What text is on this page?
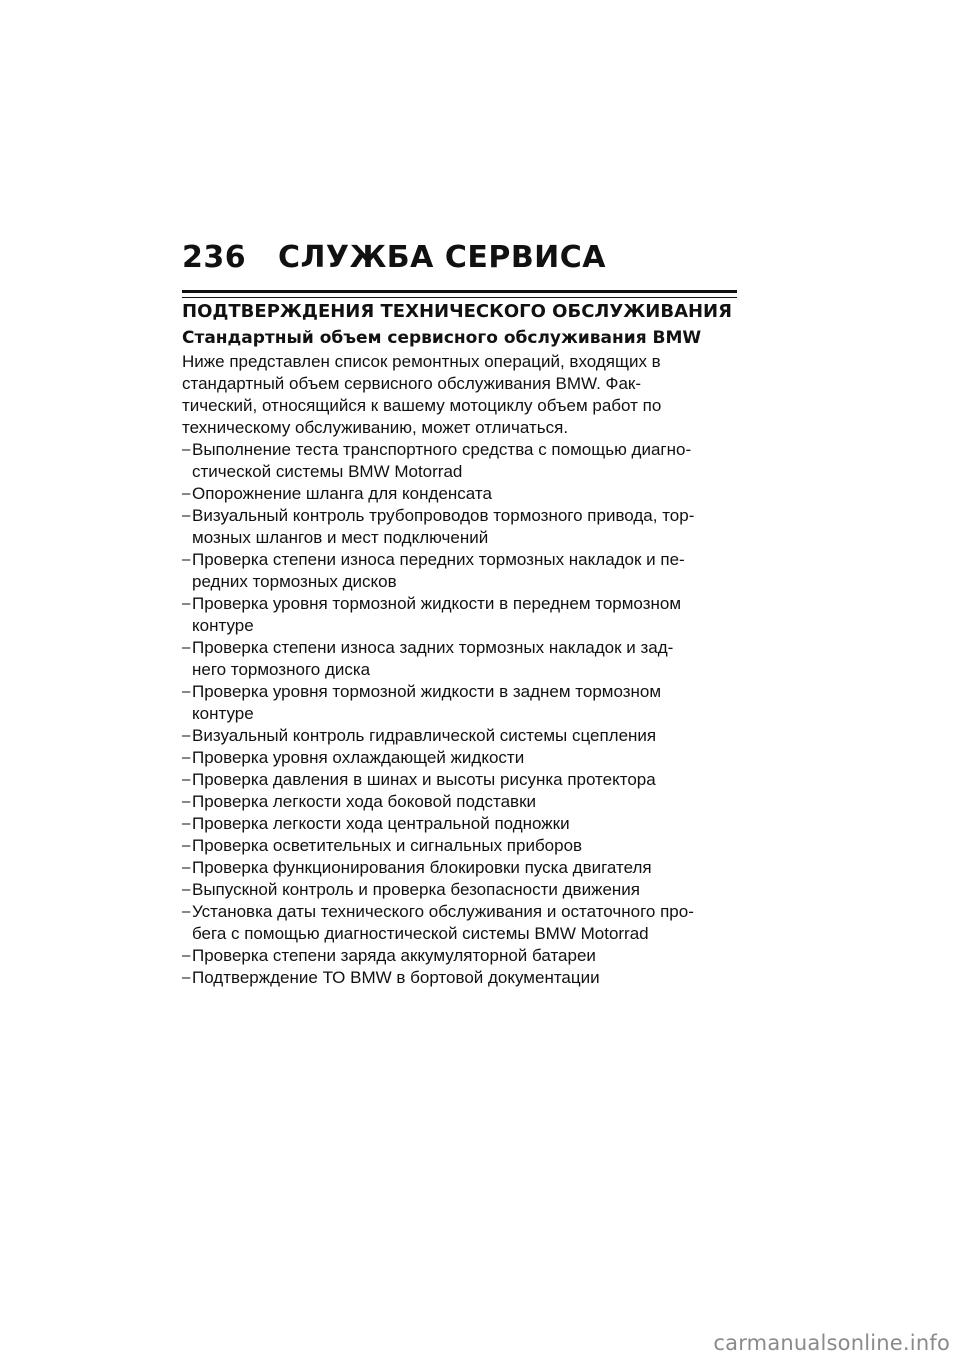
236	СЛУЖБА СЕРВИСА
ПОДТВЕРЖДЕНИЯ ТЕХНИЧЕСКОГО ОБСЛУЖИВАНИЯ
Стандартный объем сервисного обслуживания BMW

Ниже представлен список ремонтных операций, входящих в

стандартный объем сервисного обслуживания BMW. Фак-

тический, относящийся к вашему мотоциклу объем работ по

техническому обслуживанию, может отличаться.

– Выполнение теста транспортного средства с помощью диагно-
стической системы BMW Motorrad
– Опорожнение шланга для конденсата
– Визуальный контроль трубопроводов тормозного привода, тор-
мозных шлангов и мест подключений
– Проверка степени износа передних тормозных накладок и пе-
редних тормозных дисков
– Проверка уровня тормозной жидкости в переднем тормозном
контуре
– Проверка степени износа задних тормозных накладок и зад-
него тормозного диска
– Проверка уровня тормозной жидкости в заднем тормозном
контуре
– Визуальный контроль гидравлической системы сцепления
– Проверка уровня охлаждающей жидкости
– Проверка давления в шинах и высоты рисунка протектора
– Проверка легкости хода боковой подставки
– Проверка легкости хода центральной подножки
– Проверка осветительных и сигнальных приборов
– Проверка функционирования блокировки пуска двигателя
– Выпускной контроль и проверка безопасности движения
– Установка даты технического обслуживания и остаточного про-
бега с помощью диагностической системы BMW Motorrad
– Проверка степени заряда аккумуляторной батареи
– Подтверждение ТО BMW в бортовой документации
carmanualsonline.info
